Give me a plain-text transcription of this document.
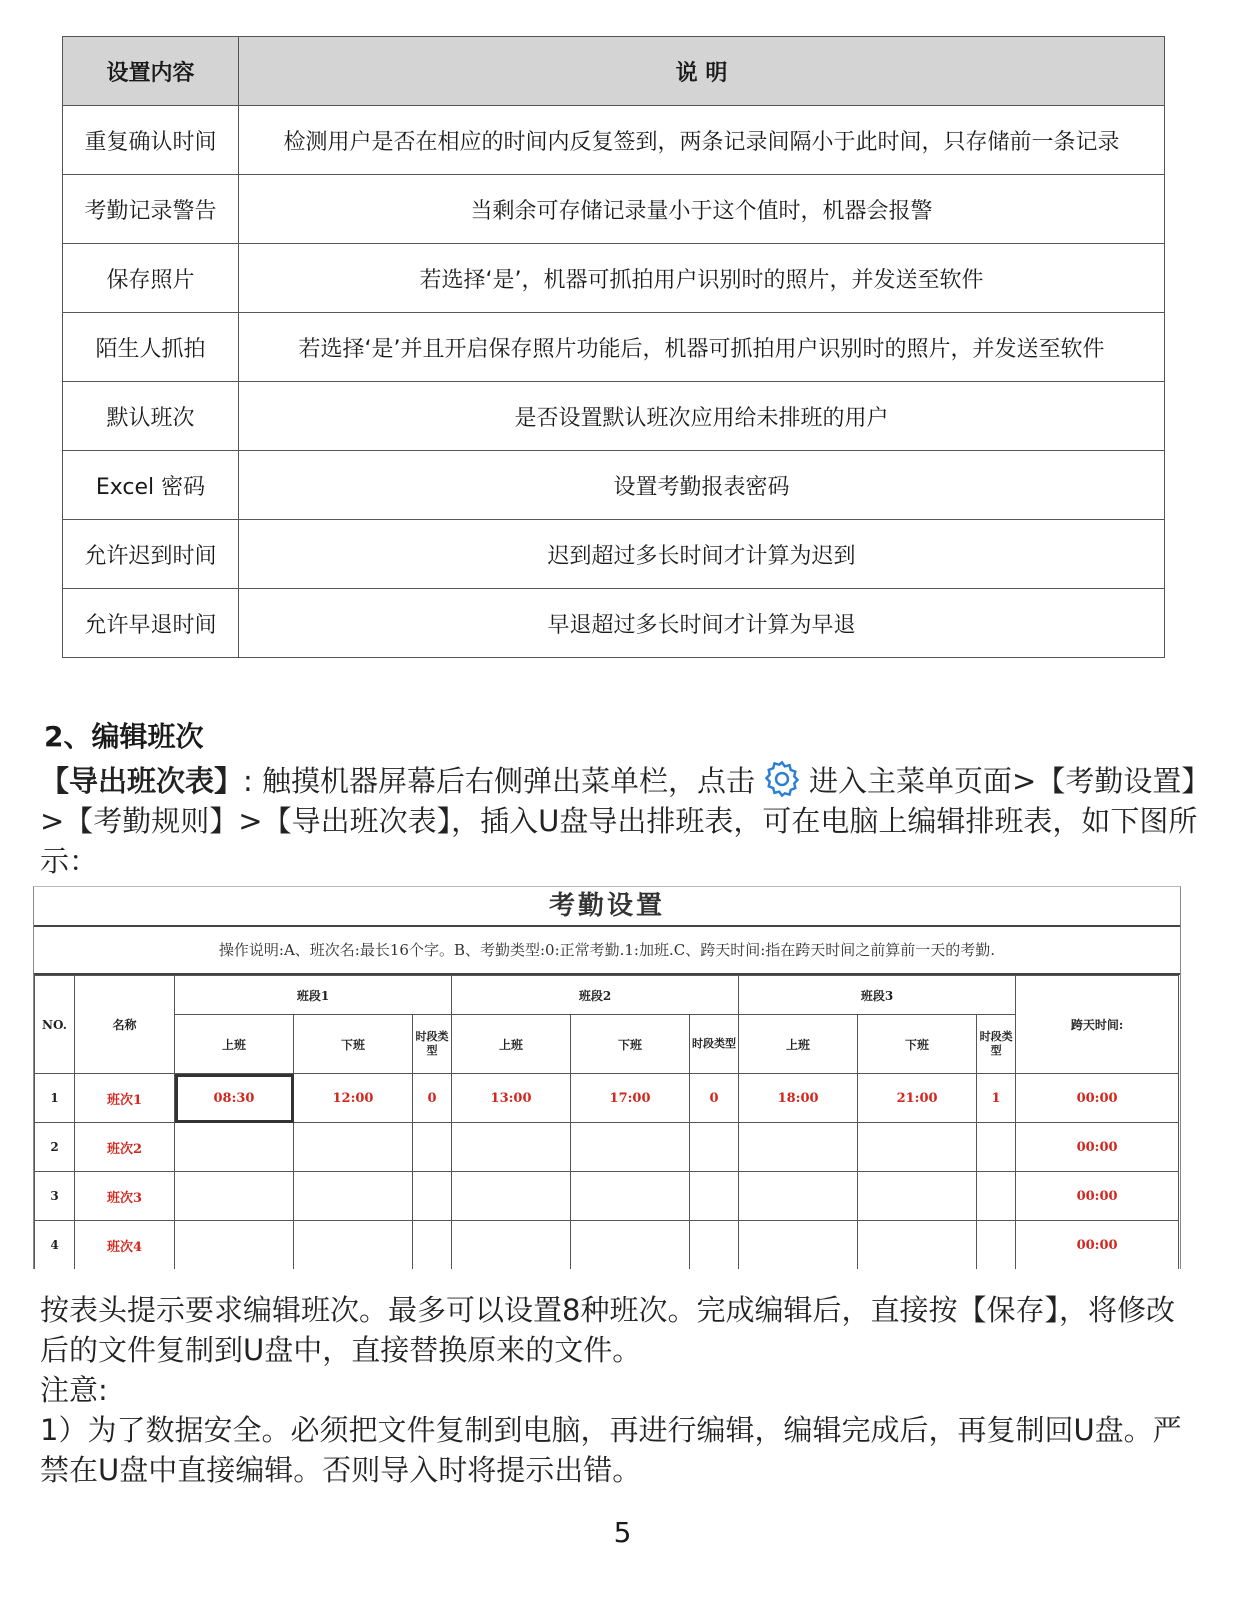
设置内容	说 明
重复确认时间	检测用户是否在相应的时间内反复签到，两条记录间隔小于此时间，只存储前一条记录
考勤记录警告	当剩余可存储记录量小于这个值时，机器会报警
保存照片	若选择‘是’，机器可抓拍用户识别时的照片，并发送至软件
陌生人抓拍	若选择‘是’并且开启保存照片功能后，机器可抓拍用户识别时的照片，并发送至软件
默认班次	是否设置默认班次应用给未排班的用户
Excel 密码	设置考勤报表密码
允许迟到时间	迟到超过多长时间才计算为迟到
允许早退时间	早退超过多长时间才计算为早退
2、编辑班次

【导出班次表】: 触摸机器屏幕后右侧弹出菜单栏，点击 进入主菜单页面>【考勤设置】>【考勤规则】>【导出班次表】，插入U盘导出排班表，可在电脑上编辑排班表，如下图所示：

考勤设置
操作说明:A、班次名:最长16个字。B、考勤类型:0:正常考勤.1:加班.C、跨天时间:指在跨天时间之前算前一天的考勤.
NO.	名称	班段1			班段2			班段3			跨天时间:
		上班	下班	时段类型	上班	下班	时段类型	上班	下班	时段类型	
1	班次1	08:30	12:00	0	13:00	17:00	0	18:00	21:00	1	00:00
2	班次2										00:00
3	班次3										00:00
4	班次4										00:00

按表头提示要求编辑班次。最多可以设置8种班次。完成编辑后，直接按【保存】，将修改后的文件复制到U盘中，直接替换原来的文件。

注意:

1）为了数据安全。必须把文件复制到电脑，再进行编辑，编辑完成后，再复制回U盘。严禁在U盘中直接编辑。否则导入时将提示出错。

5
